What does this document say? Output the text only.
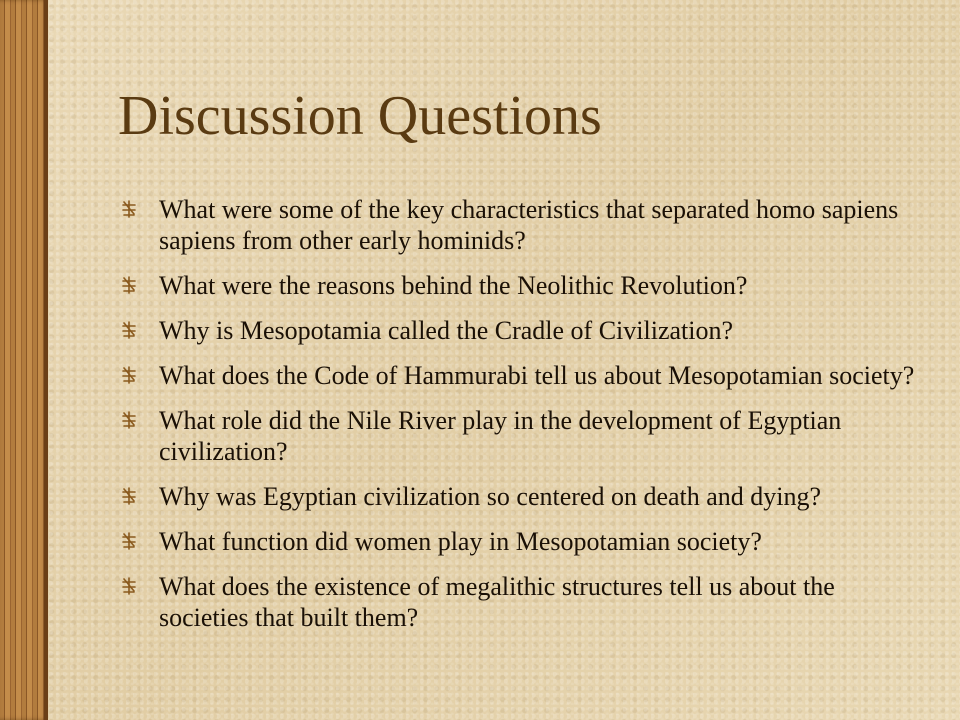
Discussion Questions
What were some of the key characteristics that separated homo sapiens sapiens from other early hominids?
What were the reasons behind the Neolithic Revolution?
Why is Mesopotamia called the Cradle of Civilization?
What does the Code of Hammurabi tell us about Mesopotamian society?
What role did the Nile River play in the development of Egyptian civilization?
Why was Egyptian civilization so centered on death and dying?
What function did women play in Mesopotamian society?
What does the existence of megalithic structures tell us about the societies that built them?
